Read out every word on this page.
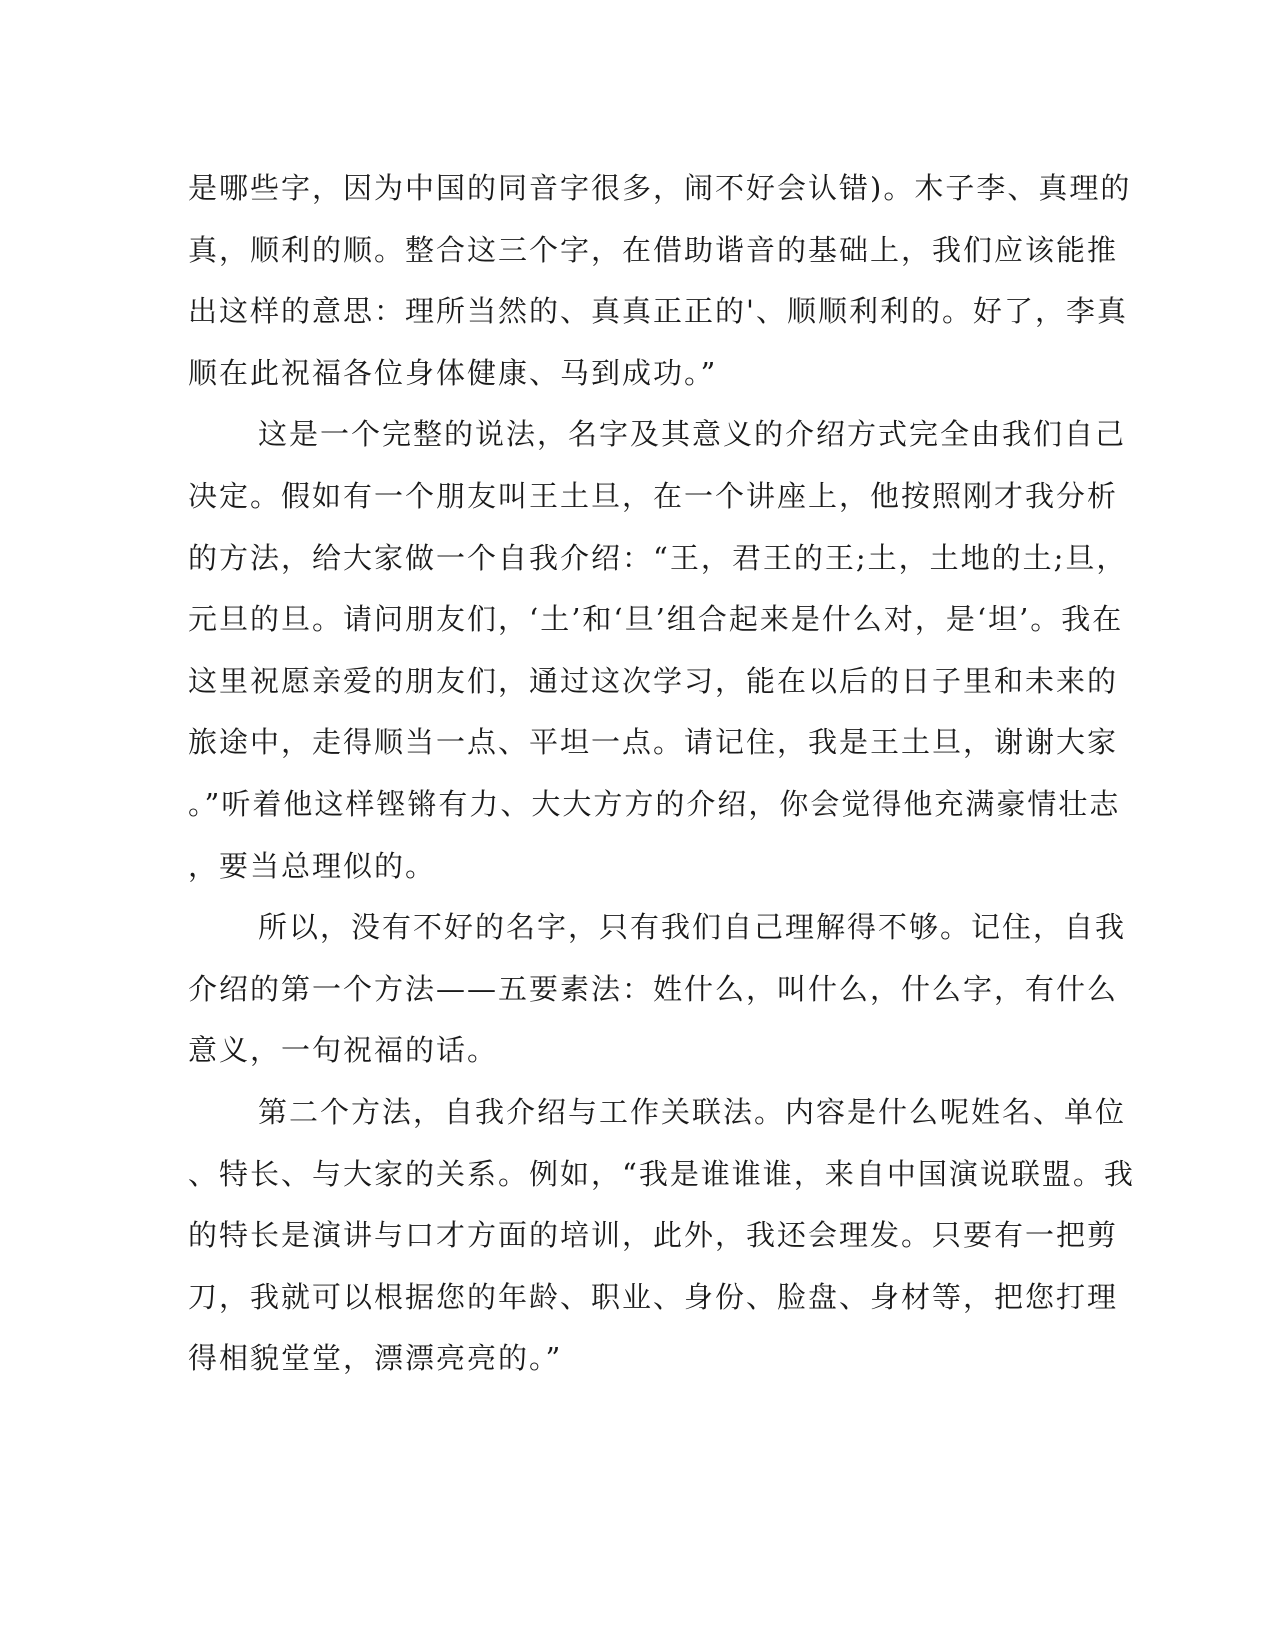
是哪些字，因为中国的同音字很多，闹不好会认错)。木子李、真理的
真，顺利的顺。整合这三个字，在借助谐音的基础上，我们应该能推
出这样的意思：理所当然的、真真正正的'、顺顺利利的。好了，李真
顺在此祝福各位身体健康、马到成功。”
这是一个完整的说法，名字及其意义的介绍方式完全由我们自己
决定。假如有一个朋友叫王土旦，在一个讲座上，他按照刚才我分析
的方法，给大家做一个自我介绍：“王，君王的王;土，土地的土;旦，
元旦的旦。请问朋友们，‘土’和‘旦’组合起来是什么对，是‘坦’。我在
这里祝愿亲爱的朋友们，通过这次学习，能在以后的日子里和未来的
旅途中，走得顺当一点、平坦一点。请记住，我是王土旦，谢谢大家
。”听着他这样铿锵有力、大大方方的介绍，你会觉得他充满豪情壮志
，要当总理似的。
所以，没有不好的名字，只有我们自己理解得不够。记住，自我
介绍的第一个方法——五要素法：姓什么，叫什么，什么字，有什么
意义，一句祝福的话。
第二个方法，自我介绍与工作关联法。内容是什么呢姓名、单位
、特长、与大家的关系。例如，“我是谁谁谁，来自中国演说联盟。我
的特长是演讲与口才方面的培训，此外，我还会理发。只要有一把剪
刀，我就可以根据您的年龄、职业、身份、脸盘、身材等，把您打理
得相貌堂堂，漂漂亮亮的。”
